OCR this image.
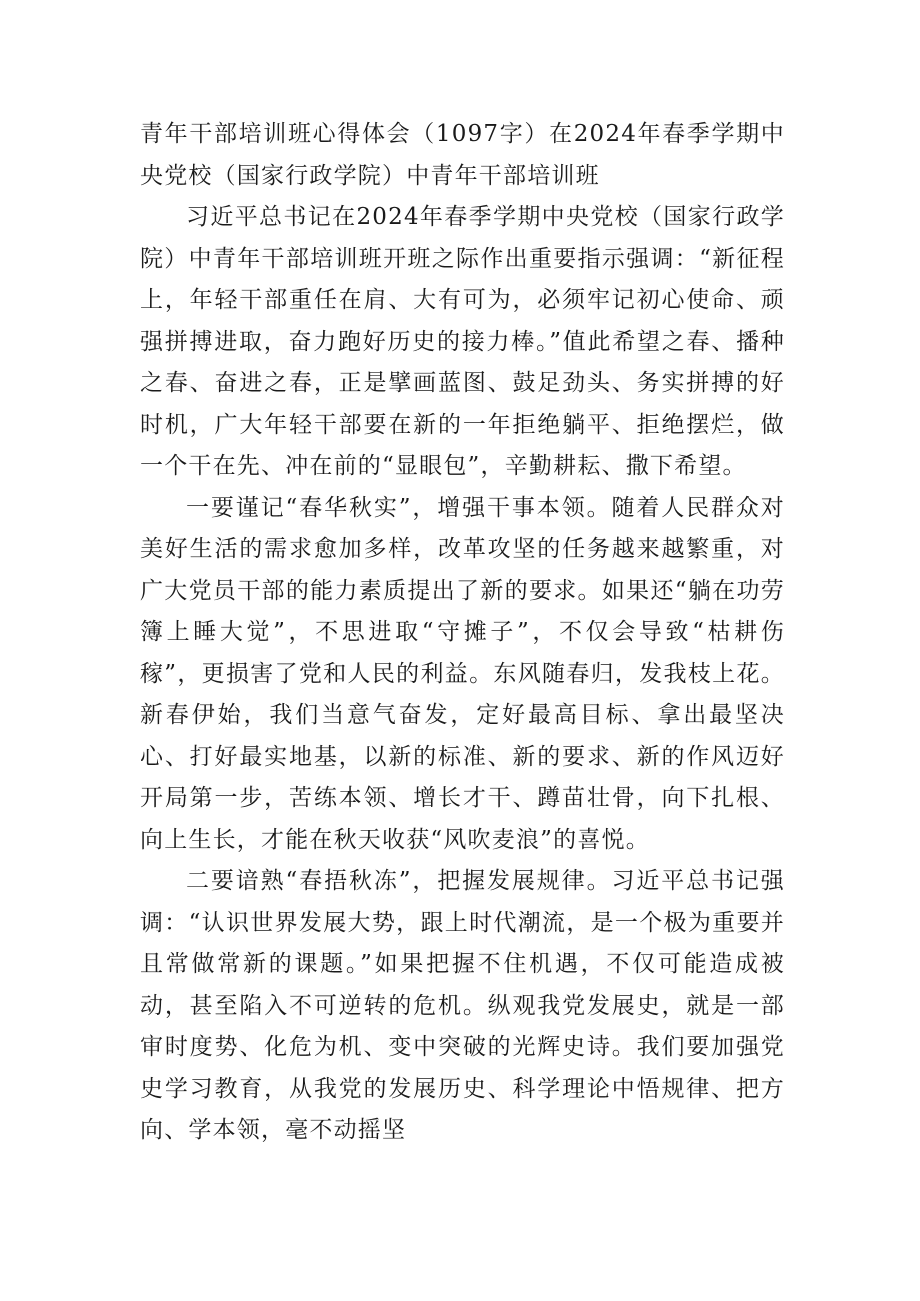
青年干部培训班心得体会（1097字）在2024年春季学期中央党校（国家行政学院）中青年干部培训班

习近平总书记在2024年春季学期中央党校（国家行政学院）中青年干部培训班开班之际作出重要指示强调：“新征程上，年轻干部重任在肩、大有可为，必须牢记初心使命、顽强拼搏进取，奋力跑好历史的接力棒。”值此希望之春、播种之春、奋进之春，正是擘画蓝图、鼓足劲头、务实拼搏的好时机，广大年轻干部要在新的一年拒绝躺平、拒绝摆烂，做一个干在先、冲在前的“显眼包”，辛勤耕耘、撒下希望。

一要谨记“春华秋实”，增强干事本领。随着人民群众对美好生活的需求愈加多样，改革攻坚的任务越来越繁重，对广大党员干部的能力素质提出了新的要求。如果还“躺在功劳簿上睡大觉”，不思进取“守摊子”，不仅会导致“枯耕伤稼”，更损害了党和人民的利益。东风随春归，发我枝上花。新春伊始，我们当意气奋发，定好最高目标、拿出最坚决心、打好最实地基，以新的标准、新的要求、新的作风迈好开局第一步，苦练本领、增长才干、蹲苗壮骨，向下扎根、向上生长，才能在秋天收获“风吹麦浪”的喜悦。

二要谙熟“春捂秋冻”，把握发展规律。习近平总书记强调：“认识世界发展大势，跟上时代潮流，是一个极为重要并且常做常新的课题。”如果把握不住机遇，不仅可能造成被动，甚至陷入不可逆转的危机。纵观我党发展史，就是一部审时度势、化危为机、变中突破的光辉史诗。我们要加强党史学习教育，从我党的发展历史、科学理论中悟规律、把方向、学本领，毫不动摇坚
